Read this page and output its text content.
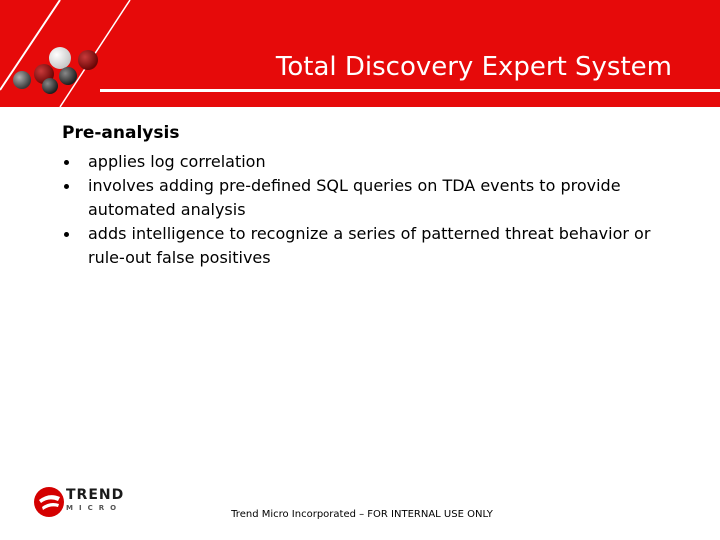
Total Discovery Expert System
Pre-analysis
applies log correlation
involves adding pre-defined SQL queries on TDA events to provide automated analysis
adds intelligence to recognize a series of patterned threat behavior or rule-out false positives
TREND
MICRO
Trend Micro Incorporated – FOR INTERNAL USE ONLY
